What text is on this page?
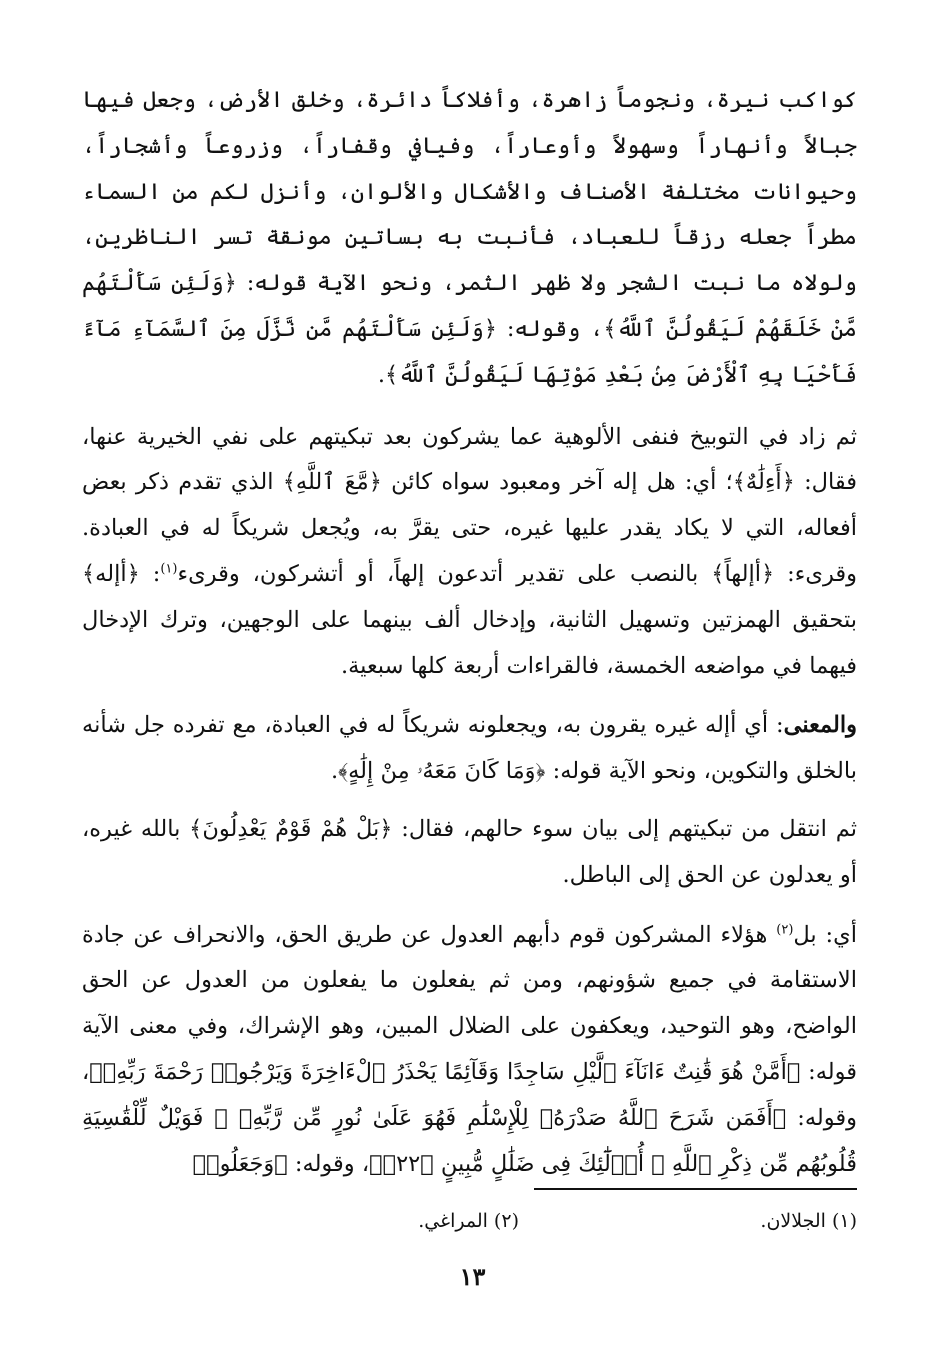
كواكب نيرة، ونجوماً زاهرة، وأفلاكاً دائرة، وخلق الأرض، وجعل فيها جبالاً وأنهاراً وسهولاً وأوعاراً، وفيافي وقفاراً، وزروعاً وأشجاراً، وحيوانات مختلفة الأصناف والأشكال والألوان، وأنزل لكم من السماء مطراً جعله رزقاً للعباد، فأنبت به بساتين مونقة تسر الناظرين، ولولاه ما نبت الشجر ولا ظهر الثمر، ونحو الآية قوله: ﴿وَلَئِن سَأَلْتَهُم مَّنْ خَلَقَهُمْ لَيَقُولُنَّ ٱللَّهُ﴾، وقوله: ﴿وَلَئِن سَأَلْتَهُم مَّن نَّزَّلَ مِنَ ٱلسَّمَآءِ مَآءً فَأَحْيَا بِهِ ٱلْأَرْضَ مِنۢ بَعْدِ مَوْتِهَا لَيَقُولُنَّ ٱللَّهُ﴾.

ثم زاد في التوبيخ فنفى الألوهية عما يشركون بعد تبكيتهم على نفي الخيرية عنها، فقال: ﴿أَءِلَٰهٌ﴾؛ أي: هل إله آخر ومعبود سواه كائن ﴿مَّعَ ٱللَّهِ﴾ الذي تقدم ذكر بعض أفعاله، التي لا يكاد يقدر عليها غيره، حتى يقرَّ به، ويُجعل شريكاً له في العبادة. وقرىء: ﴿أإلهاً﴾ بالنصب على تقدير أتدعون إلهاً، أو أتشركون، وقرىء$^{(١)}$: ﴿أإله﴾ بتحقيق الهمزتين وتسهيل الثانية، وإدخال ألف بينهما على الوجهين، وترك الإدخال فيهما في مواضعه الخمسة، فالقراءات أربعة كلها سبعية.

والمعنى: أي أإله غيره يقرون به، ويجعلونه شريكاً له في العبادة، مع تفرده جل شأنه بالخلق والتكوين، ونحو الآية قوله: ﴿وَمَا كَانَ مَعَهُۥ مِنْ إِلَٰهٍ﴾.

ثم انتقل من تبكيتهم إلى بيان سوء حالهم، فقال: ﴿بَلْ هُمْ قَوْمٌ يَعْدِلُونَ﴾ بالله غيره، أو يعدلون عن الحق إلى الباطل.

أي: بل$^{(٢)}$ هؤلاء المشركون قوم دأبهم العدول عن طريق الحق، والانحراف عن جادة الاستقامة في جميع شؤونهم، ومن ثم يفعلون ما يفعلون من العدول عن الحق الواضح، وهو التوحيد، ويعكفون على الضلال المبين، وهو الإشراك، وفي معنى الآية قوله: ﴿أَمَّنْ هُوَ قَٰنِتٌ ءَانَآءَ ٱلَّيْلِ سَاجِدًا وَقَآئِمًا يَحْذَرُ ٱلْءَاخِرَةَ وَيَرْجُوا۟ رَحْمَةَ رَبِّهِۦ﴾، وقوله: ﴿أَفَمَن شَرَحَ ٱللَّهُ صَدْرَهُۥ لِلْإِسْلَٰمِ فَهُوَ عَلَىٰ نُورٍ مِّن رَّبِّهِۦ ۚ فَوَيْلٌ لِّلْقَٰسِيَةِ قُلُوبُهُم مِّن ذِكْرِ ٱللَّهِ ۚ أُو۟لَٰٓئِكَ فِى ضَلَٰلٍ مُّبِينٍ ﴿٢٢﴾﴾، وقوله: ﴿وَجَعَلُوا۟

(١) الجلالان.
(٢) المراغي.
١٣
